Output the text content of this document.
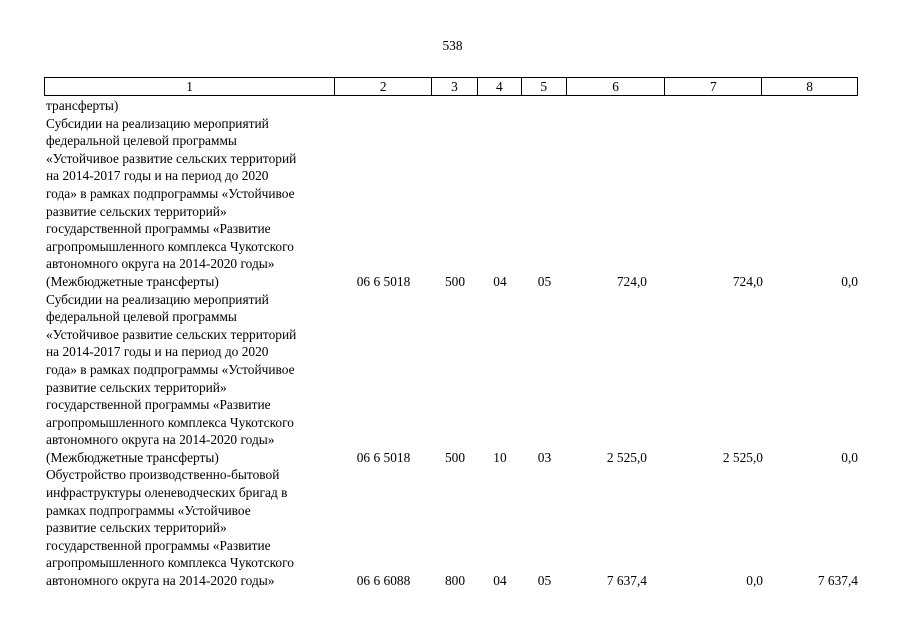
538
1	2	3	4	5	6	7	8
трансферты)
Субсидии на реализацию мероприятий
федеральной целевой программы
«Устойчивое развитие сельских территорий
на 2014-2017 годы и на период до 2020
года» в рамках подпрограммы «Устойчивое
развитие сельских территорий»
государственной программы «Развитие
агропромышленного комплекса Чукотского
автономного округа на 2014-2020 годы»
(Межбюджетные трансферты)	06 6 5018	500	04	05	724,0	724,0	0,0
Субсидии на реализацию мероприятий
федеральной целевой программы
«Устойчивое развитие сельских территорий
на 2014-2017 годы и на период до 2020
года» в рамках подпрограммы «Устойчивое
развитие сельских территорий»
государственной программы «Развитие
агропромышленного комплекса Чукотского
автономного округа на 2014-2020 годы»
(Межбюджетные трансферты)	06 6 5018	500	10	03	2 525,0	2 525,0	0,0
Обустройство производственно-бытовой
инфраструктуры оленеводческих бригад в
рамках подпрограммы «Устойчивое
развитие сельских территорий»
государственной программы «Развитие
агропромышленного комплекса Чукотского
автономного округа на 2014-2020 годы»	06 6 6088	800	04	05	7 637,4	0,0	7 637,4
